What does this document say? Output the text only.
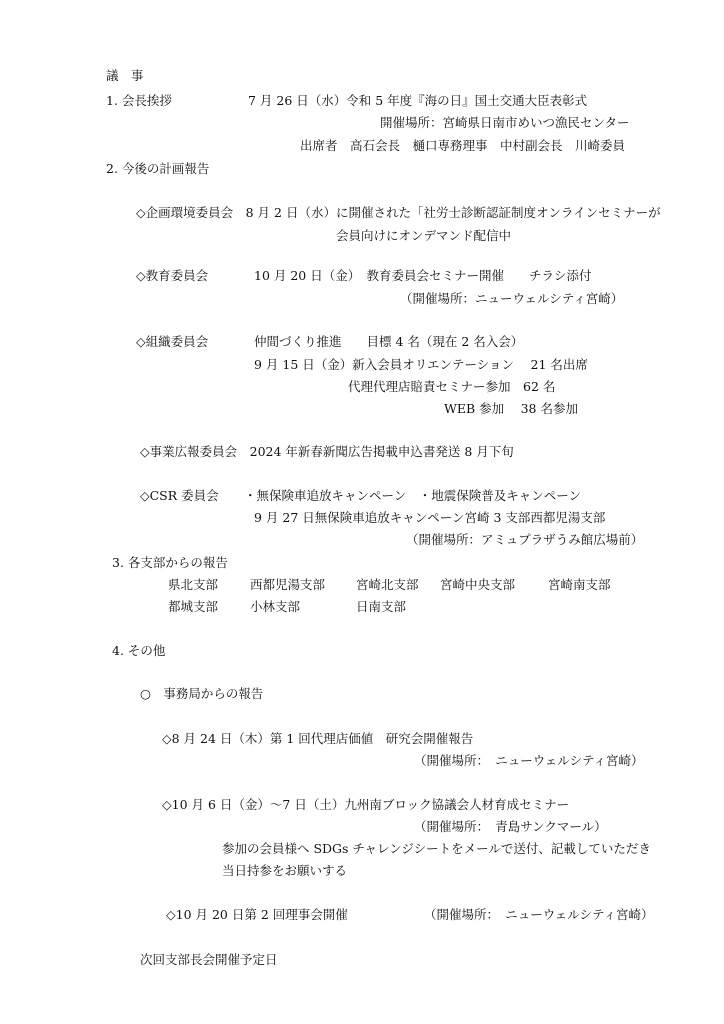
議　事
1. 会長挨拶	7 月 26 日（水）令和 5 年度『海の日』国土交通大臣表彰式
開催場所：宮崎県日南市めいつ漁民センター
出席者　高石会長　樋口専務理事　中村副会長　川崎委員
2. 今後の計画報告
◇企画環境委員会　8 月 2 日（水）に開催された「社労士診断認証制度オンラインセミナーが
会員向けにオンデマンド配信中
◇教育委員会	10 月 20 日（金）　教育委員会セミナー開催　　チラシ添付
（開催場所：ニューウェルシティ宮崎）
◇組織委員会	仲間づくり推進　　目標 4 名（現在 2 名入会）
9 月 15 日（金）新入会員オリエンテーション　 21 名出席
代理代理店賠責セミナー参加　62 名
WEB 参加　 38 名参加
◇事業広報委員会　2024 年新春新聞広告掲載申込書発送 8 月下旬
◇CSR 委員会 ・無保険車追放キャンペーン　・地震保険普及キャンペーン
9 月 27 日無保険車追放キャンペーン宮崎 3 支部西都児湯支部
（開催場所：アミュプラザうみ館広場前）
3. 各支部からの報告
県北支部	西都児湯支部 宮崎北支部 宮崎中央支部	宮崎南支部
都城支部	小林支部	日南支部
4. その他
○　事務局からの報告
◇8 月 24 日（木）第 1 回代理店価値　研究会開催報告
（開催場所：　ニューウェルシティ宮崎）
◇10 月 6 日（金）～7 日（土）九州南ブロック協議会人材育成セミナー
（開催場所：　青島サンクマール）
参加の会員様へ SDGs チャレンジシートをメールで送付、記載していただき
当日持参をお願いする
◇10 月 20 日第 2 回理事会開催	（開催場所：　ニューウェルシティ宮崎）
次回支部長会開催予定日
